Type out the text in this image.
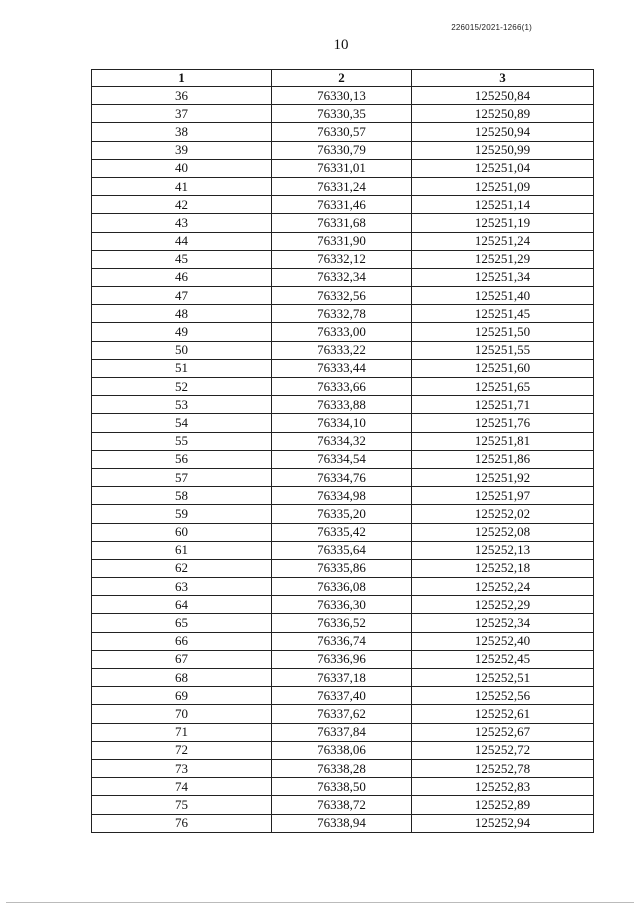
226015/2021-1266(1)
10
1	2	3
36	76330,13	125250,84
37	76330,35	125250,89
38	76330,57	125250,94
39	76330,79	125250,99
40	76331,01	125251,04
41	76331,24	125251,09
42	76331,46	125251,14
43	76331,68	125251,19
44	76331,90	125251,24
45	76332,12	125251,29
46	76332,34	125251,34
47	76332,56	125251,40
48	76332,78	125251,45
49	76333,00	125251,50
50	76333,22	125251,55
51	76333,44	125251,60
52	76333,66	125251,65
53	76333,88	125251,71
54	76334,10	125251,76
55	76334,32	125251,81
56	76334,54	125251,86
57	76334,76	125251,92
58	76334,98	125251,97
59	76335,20	125252,02
60	76335,42	125252,08
61	76335,64	125252,13
62	76335,86	125252,18
63	76336,08	125252,24
64	76336,30	125252,29
65	76336,52	125252,34
66	76336,74	125252,40
67	76336,96	125252,45
68	76337,18	125252,51
69	76337,40	125252,56
70	76337,62	125252,61
71	76337,84	125252,67
72	76338,06	125252,72
73	76338,28	125252,78
74	76338,50	125252,83
75	76338,72	125252,89
76	76338,94	125252,94
